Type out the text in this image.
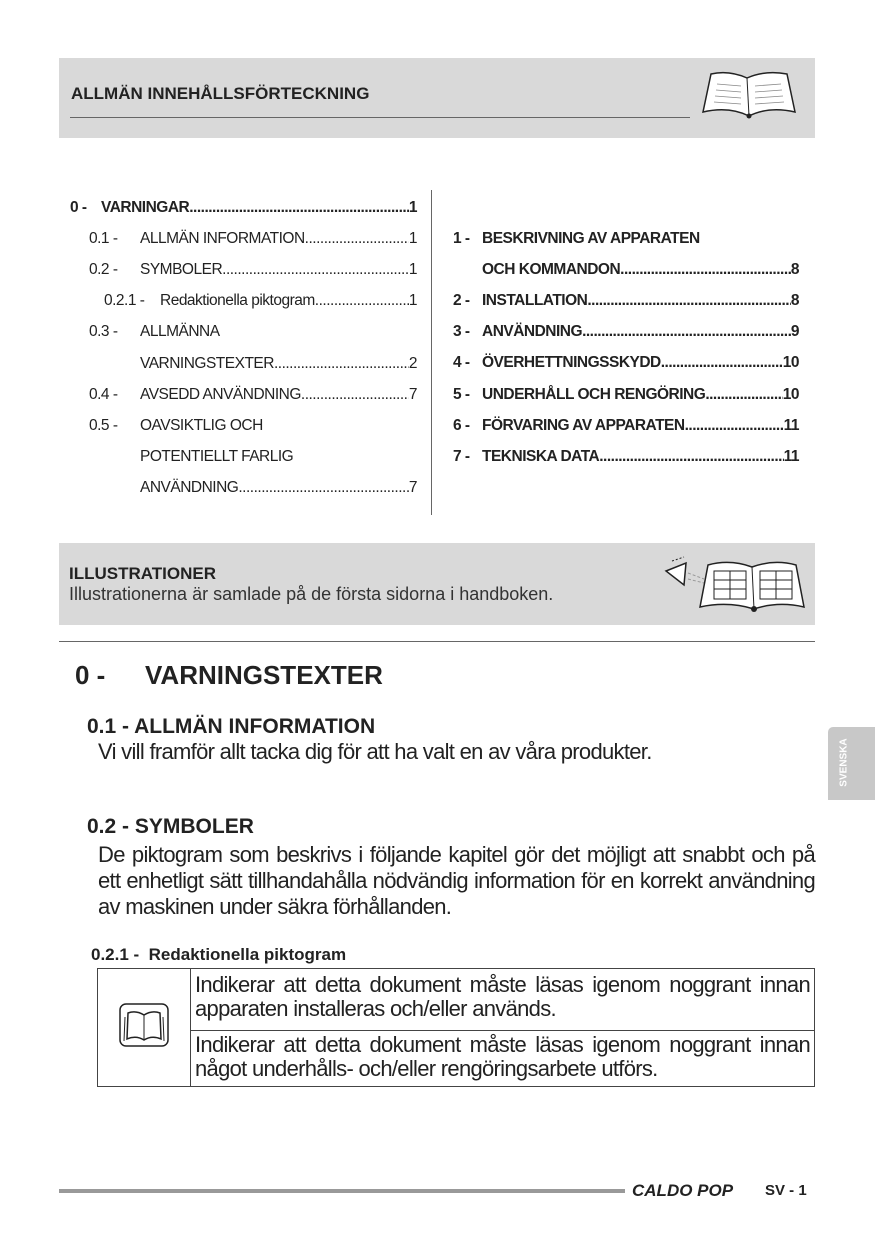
ALLMÄN INNEHÅLLSFÖRTECKNING
0 - VARNINGAR .....	1
0.1 -	ALLMÄN INFORMATION .....	1
0.2 -	SYMBOLER .....	1
0.2.1 -	Redaktionella piktogram .....	1
0.3 -	ALLMÄNNA
VARNINGSTEXTER .....	2
0.4 -	AVSEDD ANVÄNDNING .....	7
0.5 -	OAVSIKTLIG OCH
POTENTIELLT FARLIG
ANVÄNDNING .....	7
1 - BESKRIVNING AV APPARATEN
OCH KOMMANDON .....	8
2 - INSTALLATION .....	8
3 - ANVÄNDNING .....	9
4 - ÖVERHETTNINGSSKYDD .....	10
5 - UNDERHÅLL OCH RENGÖRING .....	10
6 - FÖRVARING AV APPARATEN .....	11
7 - TEKNISKA DATA .....	11
ILLUSTRATIONER
Illustrationerna är samlade på de första sidorna i handboken.
0 - VARNINGSTEXTER
0.1 - ALLMÄN INFORMATION

Vi vill framför allt tacka dig för att ha valt en av våra produkter.

0.2 - SYMBOLER

De piktogram som beskrivs i följande kapitel gör det möjligt att snabbt och på ett enhetligt sätt tillhandahålla nödvändig information för en korrekt användning av maskinen under säkra förhållanden.

0.2.1 -  Redaktionella piktogram

Indikerar att detta dokument måste läsas igenom noggrant innan apparaten installeras och/eller används.

Indikerar att detta dokument måste läsas igenom noggrant innan något underhålls- och/eller rengöringsarbete utförs.

SVENSKA
CALDO POP SV - 1
